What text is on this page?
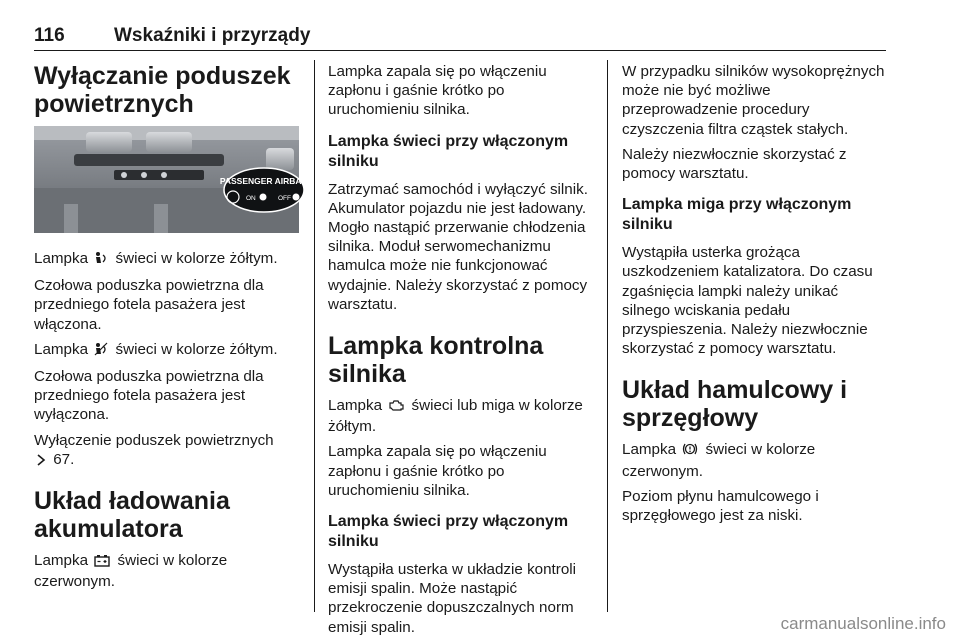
116	Wskaźniki i przyrządy
Wyłączanie poduszek powietrznych
PASSENGER AIRBAG
ON	OFF

Lampka świeci w kolorze żółtym.

Czołowa poduszka powietrzna dla przedniego fotela pasażera jest włączona.

Lampka świeci w kolorze żółtym.

Czołowa poduszka powietrzna dla przedniego fotela pasażera jest wyłączona.

Wyłączenie poduszek powietrznych
67.

Układ ładowania akumulatora

Lampka świeci w kolorze czerwonym.

Lampka zapala się po włączeniu zapłonu i gaśnie krótko po uruchomieniu silnika.

Lampka świeci przy włączonym silniku

Zatrzymać samochód i wyłączyć silnik. Akumulator pojazdu nie jest ładowany. Mogło nastąpić przerwanie chłodzenia silnika. Moduł serwomechanizmu hamulca może nie funkcjonować wydajnie. Należy skorzystać z pomocy warsztatu.

Lampka kontrolna silnika

Lampka świeci lub miga w kolorze żółtym.

Lampka zapala się po włączeniu zapłonu i gaśnie krótko po uruchomieniu silnika.

Lampka świeci przy włączonym silniku

Wystąpiła usterka w układzie kontroli emisji spalin. Może nastąpić przekroczenie dopuszczalnych norm emisji spalin.

W przypadku silników wysokoprężnych może nie być możliwe przeprowadzenie procedury czyszczenia filtra cząstek stałych.

Należy niezwłocznie skorzystać z pomocy warsztatu.

Lampka miga przy włączonym silniku

Wystąpiła usterka grożąca uszkodzeniem katalizatora. Do czasu zgaśnięcia lampki należy unikać silnego wciskania pedału przyspieszenia. Należy niezwłocznie skorzystać z pomocy warsztatu.

Układ hamulcowy i sprzęgłowy

Lampka świeci w kolorze czerwonym.

Poziom płynu hamulcowego i sprzęgłowego jest za niski.

carmanualsonline.info
